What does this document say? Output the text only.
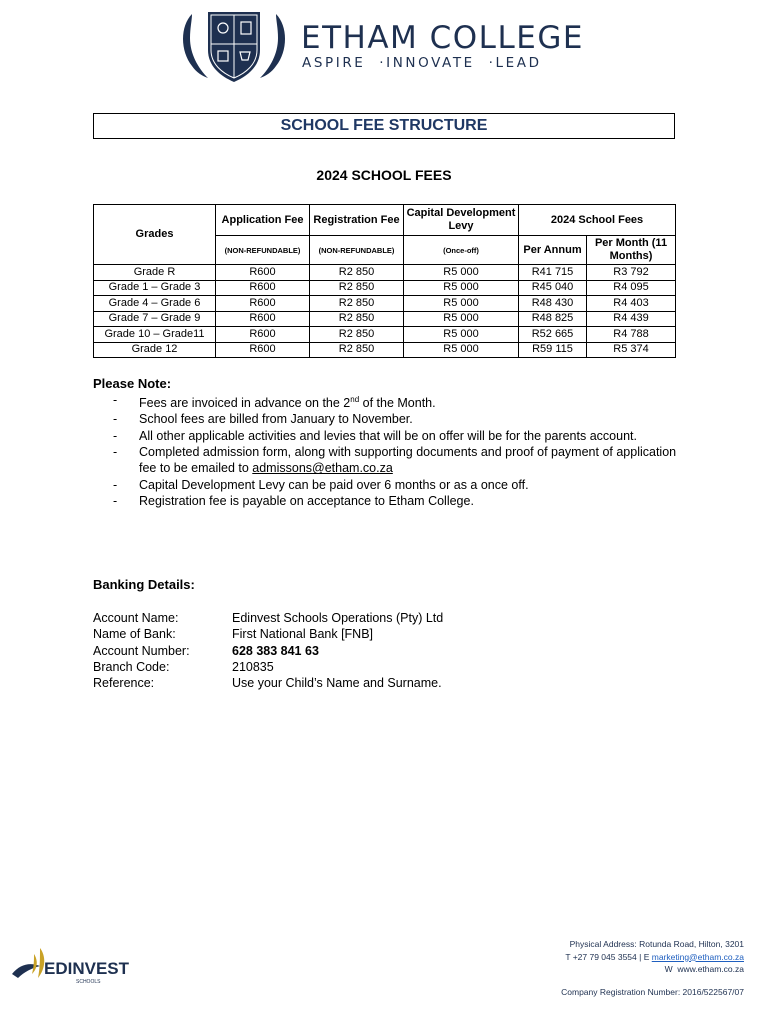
ETHAM COLLEGE
ASPIRE  ·INNOVATE  ·LEAD
SCHOOL FEE STRUCTURE
2024 SCHOOL FEES
Grades	Application Fee	Registration Fee	Capital Development Levy	2024 School Fees	
	(NON-REFUNDABLE)	(NON-REFUNDABLE)	(Once-off)	Per Annum	Per Month (11 Months)
Grade R	R600	R2 850	R5 000	R41 715	R3 792
Grade 1 – Grade 3	R600	R2 850	R5 000	R45 040	R4 095
Grade 4 – Grade 6	R600	R2 850	R5 000	R48 430	R4 403
Grade 7 – Grade 9	R600	R2 850	R5 000	R48 825	R4 439
Grade 10 – Grade11	R600	R2 850	R5 000	R52 665	R4 788
Grade 12	R600	R2 850	R5 000	R59 115	R5 374
Please Note:
- Fees are invoiced in advance on the 2nd of the Month.
- School fees are billed from January to November.
- All other applicable activities and levies that will be on offer will be for the parents account.
- Completed admission form, along with supporting documents and proof of payment of application fee to be emailed to admissons@etham.co.za
- Capital Development Levy can be paid over 6 months or as a once off.
- Registration fee is payable on acceptance to Etham College.
Banking Details:
Account Name:	Edinvest Schools Operations (Pty) Ltd
Name of Bank:	First National Bank [FNB]
Account Number:	628 383 841 63
Branch Code:	210835
Reference:	Use your Child’s Name and Surname.
EDINVEST
SCHOOLS
Physical Address: Rotunda Road, Hilton, 3201
T +27 79 045 3554 | E marketing@etham.co.za
W  www.etham.co.za
Company Registration Number: 2016/522567/07
